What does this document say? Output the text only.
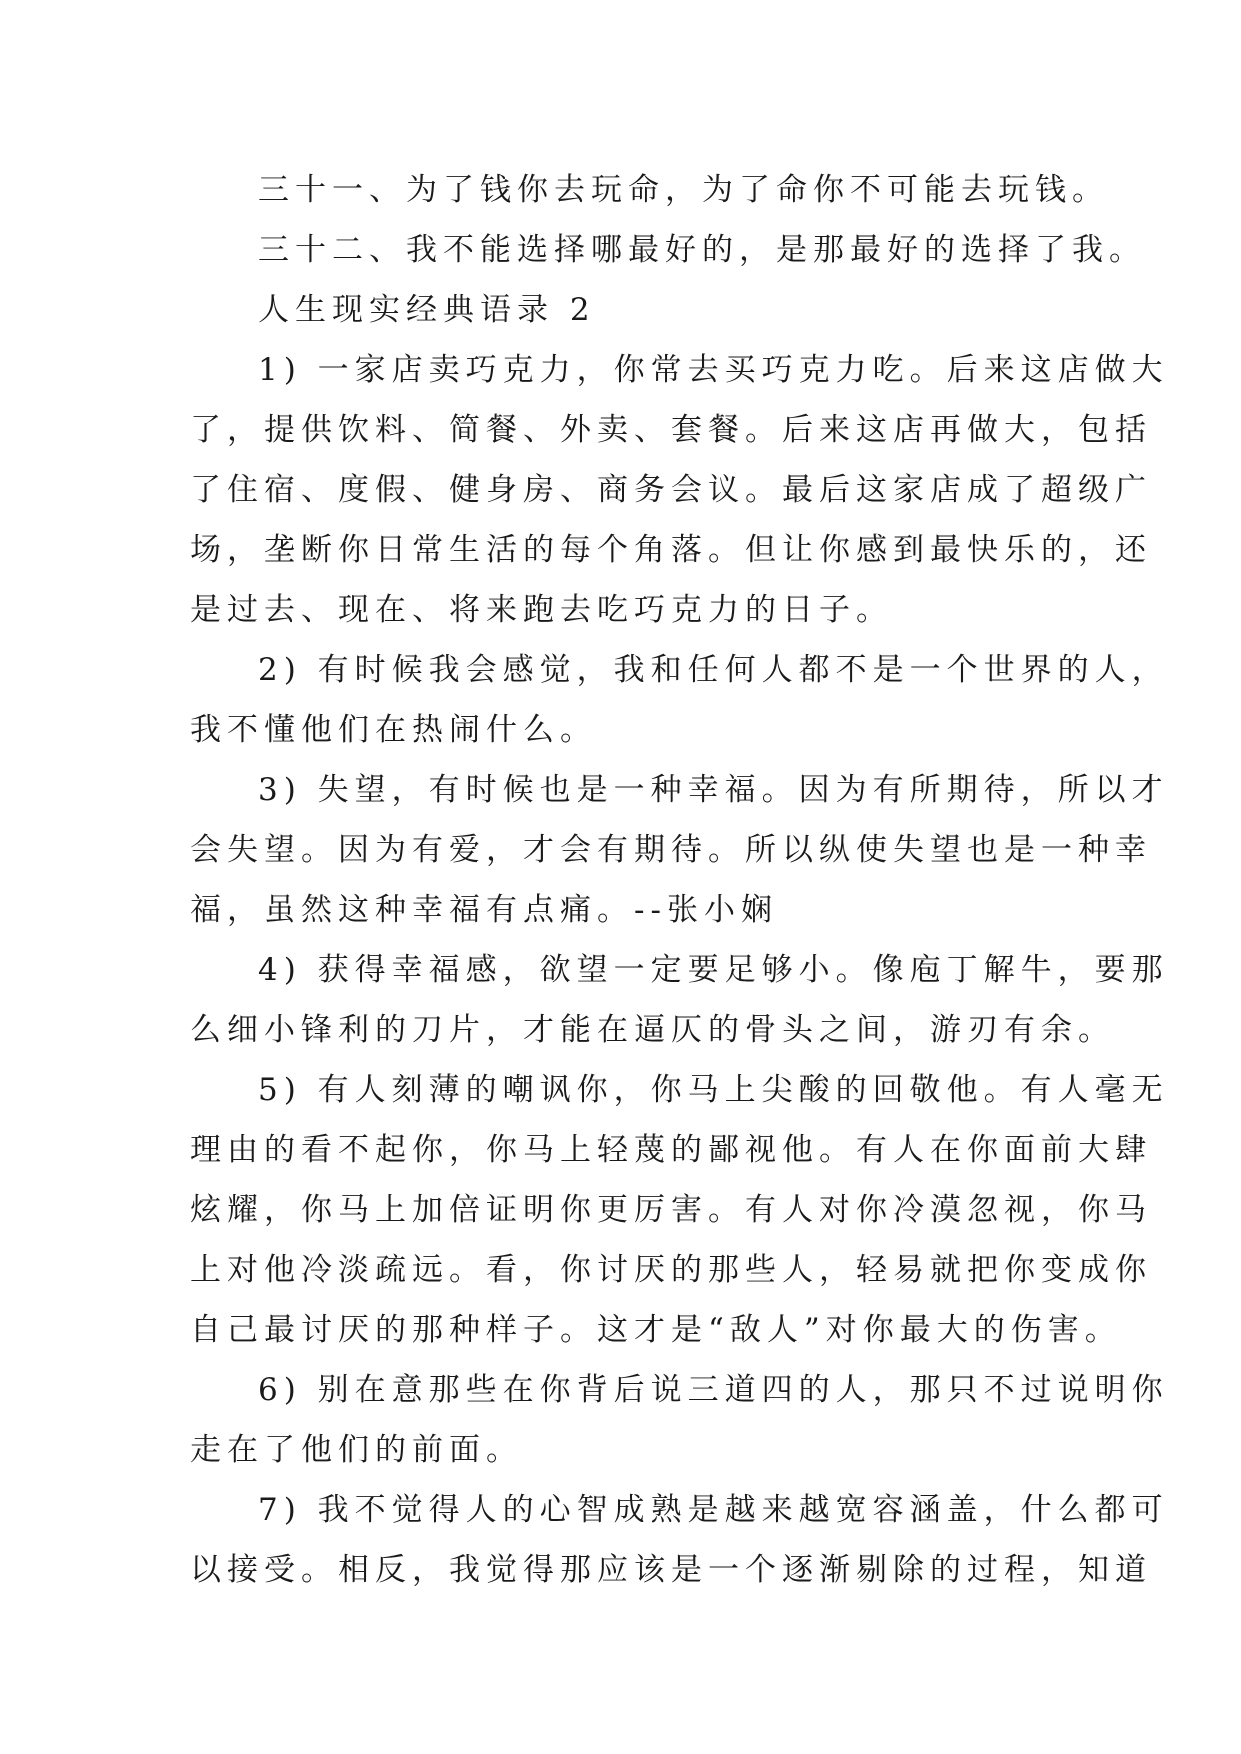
三十一、为了钱你去玩命，为了命你不可能去玩钱。
三十二、我不能选择哪最好的，是那最好的选择了我。
人生现实经典语录 2
1) 一家店卖巧克力，你常去买巧克力吃。后来这店做大
了，提供饮料、简餐、外卖、套餐。后来这店再做大，包括
了住宿、度假、健身房、商务会议。最后这家店成了超级广
场，垄断你日常生活的每个角落。但让你感到最快乐的，还
是过去、现在、将来跑去吃巧克力的日子。
2) 有时候我会感觉，我和任何人都不是一个世界的人，
我不懂他们在热闹什么。
3) 失望，有时候也是一种幸福。因为有所期待，所以才
会失望。因为有爱，才会有期待。所以纵使失望也是一种幸
福，虽然这种幸福有点痛。--张小娴
4) 获得幸福感，欲望一定要足够小。像庖丁解牛，要那
么细小锋利的刀片，才能在逼仄的骨头之间，游刃有余。
5) 有人刻薄的嘲讽你，你马上尖酸的回敬他。有人毫无
理由的看不起你，你马上轻蔑的鄙视他。有人在你面前大肆
炫耀，你马上加倍证明你更厉害。有人对你冷漠忽视，你马
上对他冷淡疏远。看，你讨厌的那些人，轻易就把你变成你
自己最讨厌的那种样子。这才是“敌人”对你最大的伤害。
6) 别在意那些在你背后说三道四的人，那只不过说明你
走在了他们的前面。
7) 我不觉得人的心智成熟是越来越宽容涵盖，什么都可
以接受。相反，我觉得那应该是一个逐渐剔除的过程，知道
